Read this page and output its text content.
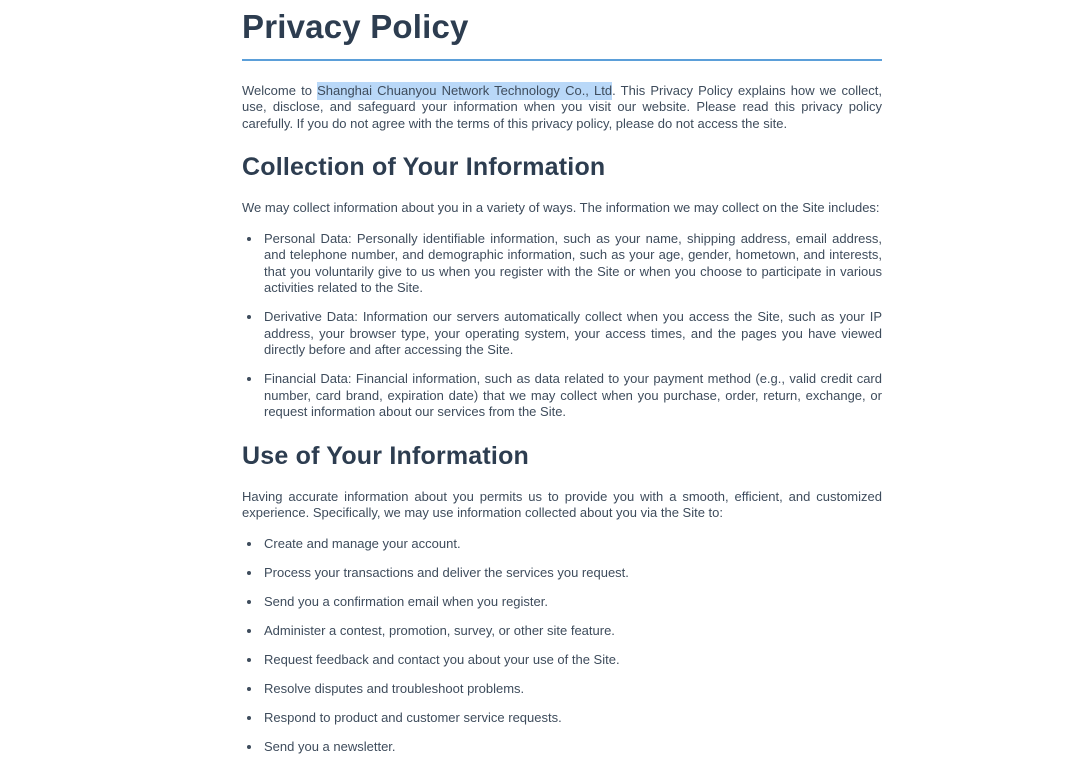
Privacy Policy

Welcome to Shanghai Chuanyou Network Technology Co., Ltd. This Privacy Policy explains how we collect, use, disclose, and safeguard your information when you visit our website. Please read this privacy policy carefully. If you do not agree with the terms of this privacy policy, please do not access the site.

Collection of Your Information

We may collect information about you in a variety of ways. The information we may collect on the Site includes:

• Personal Data: Personally identifiable information, such as your name, shipping address, email address, and telephone number, and demographic information, such as your age, gender, hometown, and interests, that you voluntarily give to us when you register with the Site or when you choose to participate in various activities related to the Site.
• Derivative Data: Information our servers automatically collect when you access the Site, such as your IP address, your browser type, your operating system, your access times, and the pages you have viewed directly before and after accessing the Site.
• Financial Data: Financial information, such as data related to your payment method (e.g., valid credit card number, card brand, expiration date) that we may collect when you purchase, order, return, exchange, or request information about our services from the Site.
Use of Your Information

Having accurate information about you permits us to provide you with a smooth, efficient, and customized experience. Specifically, we may use information collected about you via the Site to:

• Create and manage your account.
• Process your transactions and deliver the services you request.
• Send you a confirmation email when you register.
• Administer a contest, promotion, survey, or other site feature.
• Request feedback and contact you about your use of the Site.
• Resolve disputes and troubleshoot problems.
• Respond to product and customer service requests.
• Send you a newsletter.
